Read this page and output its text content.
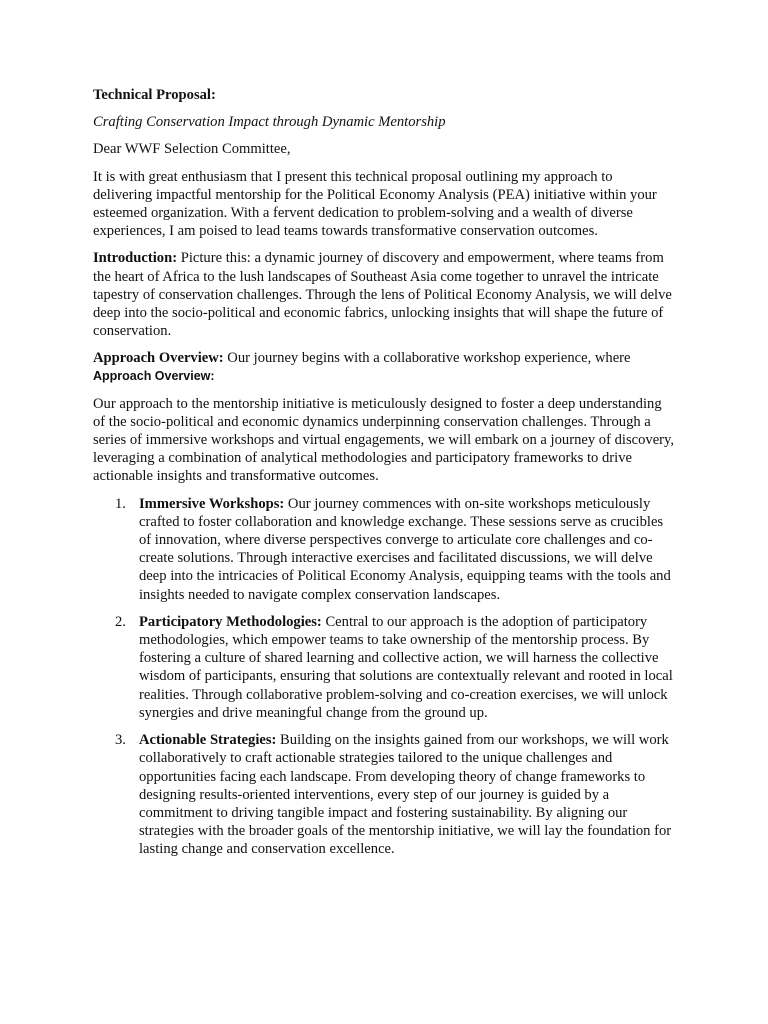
Technical Proposal:
Crafting Conservation Impact through Dynamic Mentorship

Dear WWF Selection Committee,

It is with great enthusiasm that I present this technical proposal outlining my approach to delivering impactful mentorship for the Political Economy Analysis (PEA) initiative within your esteemed organization. With a fervent dedication to problem-solving and a wealth of diverse experiences, I am poised to lead teams towards transformative conservation outcomes.

Introduction: Picture this: a dynamic journey of discovery and empowerment, where teams from the heart of Africa to the lush landscapes of Southeast Asia come together to unravel the intricate tapestry of conservation challenges. Through the lens of Political Economy Analysis, we will delve deep into the socio-political and economic fabrics, unlocking insights that will shape the future of conservation.

Approach Overview: Our journey begins with a collaborative workshop experience, where

Approach Overview:

Our approach to the mentorship initiative is meticulously designed to foster a deep understanding of the socio-political and economic dynamics underpinning conservation challenges. Through a series of immersive workshops and virtual engagements, we will embark on a journey of discovery, leveraging a combination of analytical methodologies and participatory frameworks to drive actionable insights and transformative outcomes.

1. Immersive Workshops: Our journey commences with on-site workshops meticulously crafted to foster collaboration and knowledge exchange. These sessions serve as crucibles of innovation, where diverse perspectives converge to articulate core challenges and co-create solutions. Through interactive exercises and facilitated discussions, we will delve deep into the intricacies of Political Economy Analysis, equipping teams with the tools and insights needed to navigate complex conservation landscapes.
2. Participatory Methodologies: Central to our approach is the adoption of participatory methodologies, which empower teams to take ownership of the mentorship process. By fostering a culture of shared learning and collective action, we will harness the collective wisdom of participants, ensuring that solutions are contextually relevant and rooted in local realities. Through collaborative problem-solving and co-creation exercises, we will unlock synergies and drive meaningful change from the ground up.
3. Actionable Strategies: Building on the insights gained from our workshops, we will work collaboratively to craft actionable strategies tailored to the unique challenges and opportunities facing each landscape. From developing theory of change frameworks to designing results-oriented interventions, every step of our journey is guided by a commitment to driving tangible impact and fostering sustainability. By aligning our strategies with the broader goals of the mentorship initiative, we will lay the foundation for lasting change and conservation excellence.
